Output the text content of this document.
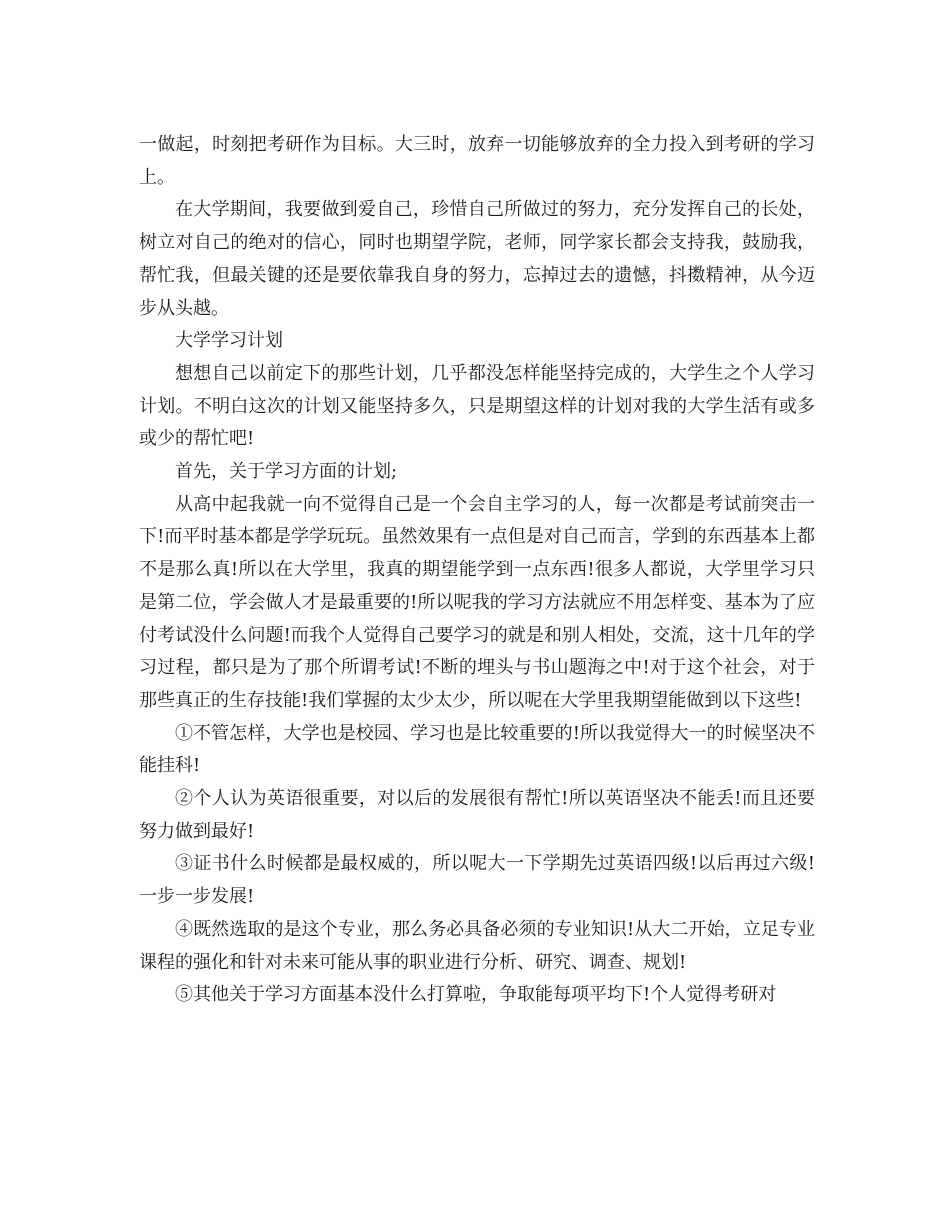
一做起，时刻把考研作为目标。大三时，放弃一切能够放弃的全力投入到考研的学习上。

在大学期间，我要做到爱自己，珍惜自己所做过的努力，充分发挥自己的长处，树立对自己的绝对的信心，同时也期望学院，老师，同学家长都会支持我，鼓励我，帮忙我，但最关键的还是要依靠我自身的努力，忘掉过去的遗憾，抖擞精神，从今迈步从头越。

大学学习计划

想想自己以前定下的那些计划，几乎都没怎样能坚持完成的，大学生之个人学习计划。不明白这次的计划又能坚持多久，只是期望这样的计划对我的大学生活有或多或少的帮忙吧!

首先，关于学习方面的计划;

从高中起我就一向不觉得自己是一个会自主学习的人，每一次都是考试前突击一下!而平时基本都是学学玩玩。虽然效果有一点但是对自己而言，学到的东西基本上都不是那么真!所以在大学里，我真的期望能学到一点东西!很多人都说，大学里学习只是第二位，学会做人才是最重要的!所以呢我的学习方法就应不用怎样变、基本为了应付考试没什么问题!而我个人觉得自己要学习的就是和别人相处，交流，这十几年的学习过程，都只是为了那个所谓考试!不断的埋头与书山题海之中!对于这个社会，对于那些真正的生存技能!我们掌握的太少太少，所以呢在大学里我期望能做到以下这些!

①不管怎样，大学也是校园、学习也是比较重要的!所以我觉得大一的时候坚决不能挂科!

②个人认为英语很重要，对以后的发展很有帮忙!所以英语坚决不能丢!而且还要努力做到最好!

③证书什么时候都是最权威的，所以呢大一下学期先过英语四级!以后再过六级!一步一步发展!

④既然选取的是这个专业，那么务必具备必须的专业知识!从大二开始，立足专业课程的强化和针对未来可能从事的职业进行分析、研究、调查、规划!

⑤其他关于学习方面基本没什么打算啦，争取能每项平均下!个人觉得考研对
